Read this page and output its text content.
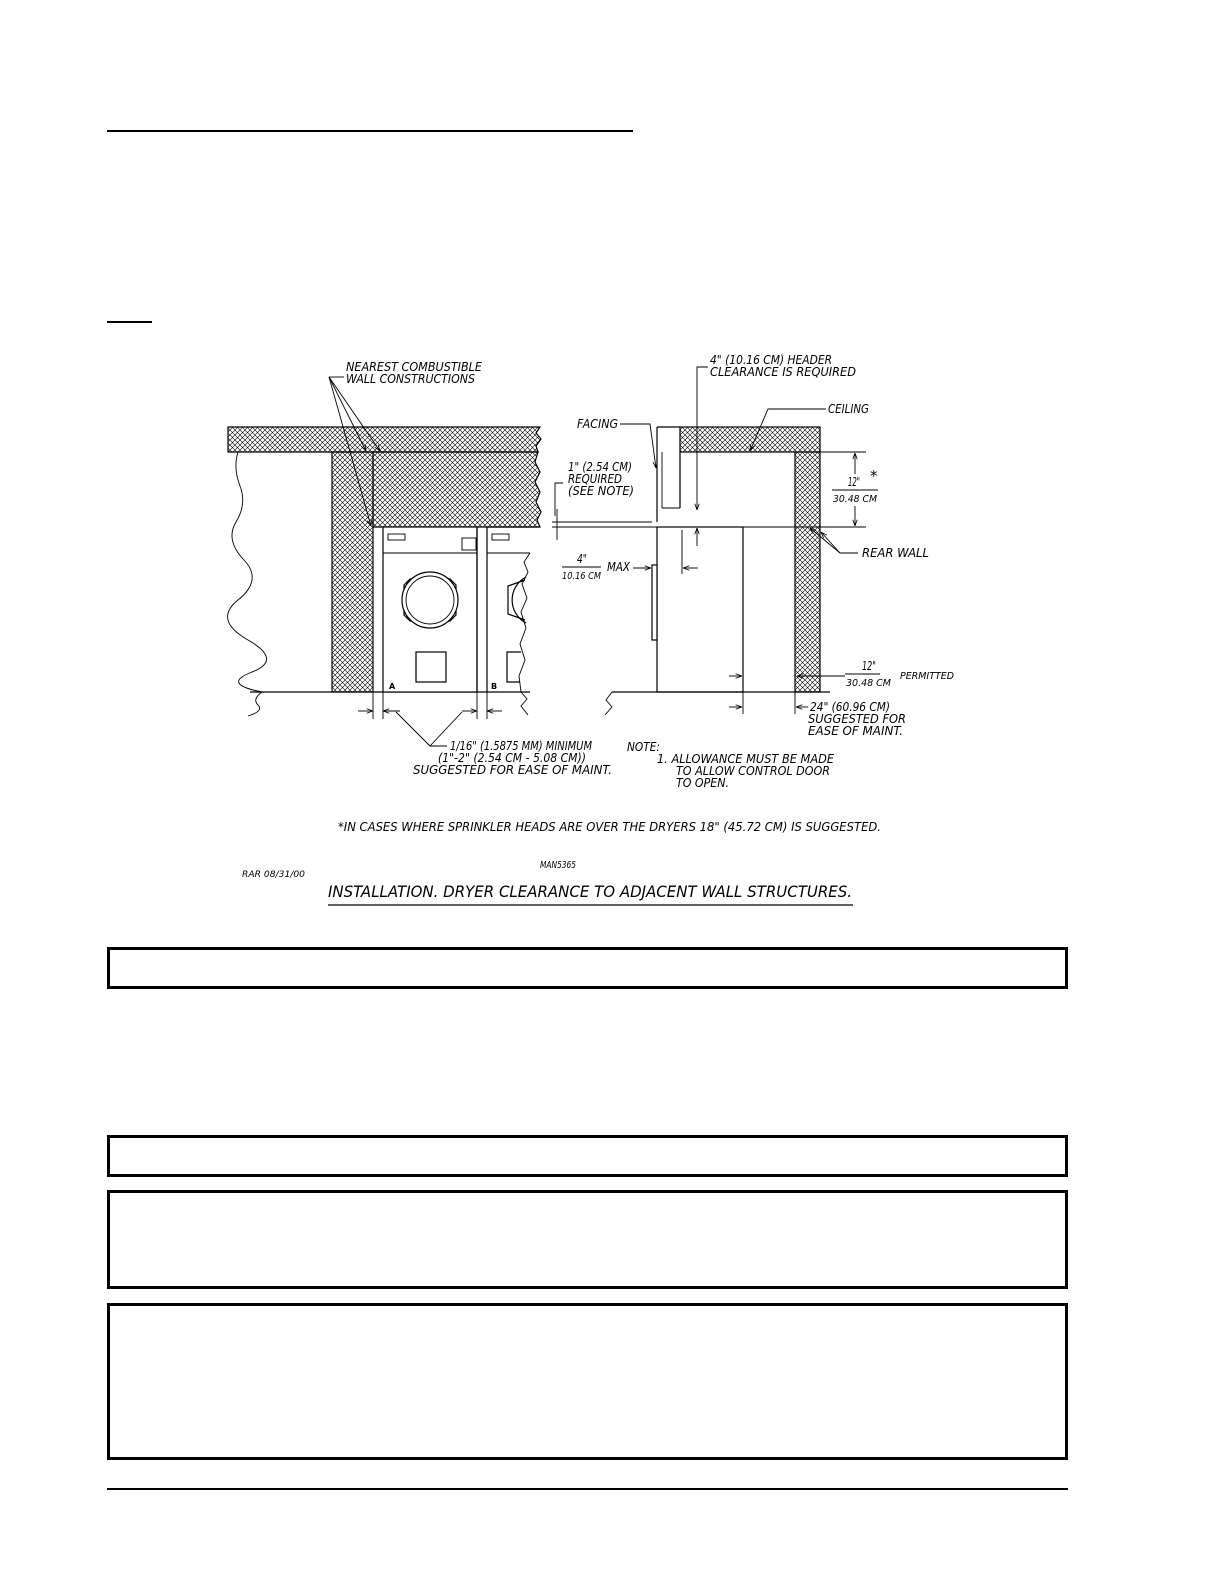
A	B
NEAREST COMBUSTIBLE
WALL CONSTRUCTIONS
1/16" (1.5875 MM) MINIMUM
(1"-2" (2.54 CM - 5.08 CM))
SUGGESTED FOR EASE OF MAINT.
12"
30.48 CM
*
4" (10.16 CM) HEADER
CLEARANCE IS REQUIRED
CEILING
FACING
1" (2.54 CM)
REQUIRED
(SEE NOTE)
4"
10.16 CM
MAX
REAR WALL
12"
30.48 CM
PERMITTED
24" (60.96 CM)
SUGGESTED FOR
EASE OF MAINT.
NOTE:
1. ALLOWANCE MUST BE MADE
TO ALLOW CONTROL DOOR
TO OPEN.
*IN CASES WHERE SPRINKLER HEADS ARE OVER THE DRYERS 18" (45.72 CM) IS SUGGESTED.
MAN5365
RAR 08/31/00
INSTALLATION. DRYER CLEARANCE TO ADJACENT WALL STRUCTURES.
